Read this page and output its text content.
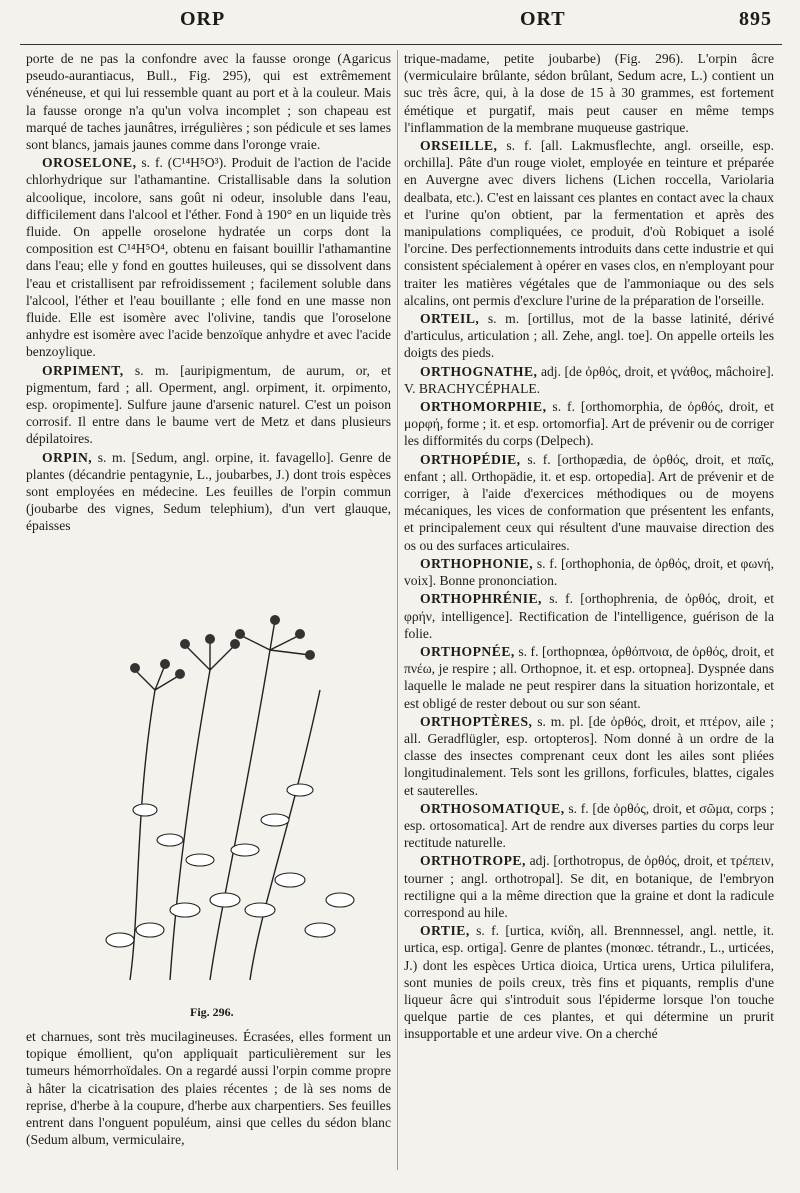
ORP	ORT	895

porte de ne pas la confondre avec la fausse oronge (Agaricus pseudo-aurantiacus, Bull., Fig. 295), qui est extrêmement vénéneuse, et qui lui ressemble quant au port et à la couleur. Mais la fausse oronge n'a qu'un volva incomplet ; son chapeau est marqué de taches jaunâtres, irrégulières ; son pédicule et ses lames sont blancs, jamais jaunes comme dans l'oronge vraie.

OROSELONE, s. f. (C¹⁴H⁵O³). Produit de l'action de l'acide chlorhydrique sur l'athamantine. Cristallisable dans la solution alcoolique, incolore, sans goût ni odeur, insoluble dans l'eau, difficilement dans l'alcool et l'éther. Fond à 190° en un liquide très fluide. On appelle oroselone hydratée un corps dont la composition est C¹⁴H⁵O⁴, obtenu en faisant bouillir l'athamantine dans l'eau; elle y fond en gouttes huileuses, qui se dissolvent dans l'eau et cristallisent par refroidissement ; facilement soluble dans l'alcool, l'éther et l'eau bouillante ; elle fond en une masse non fluide. Elle est isomère avec l'olivine, tandis que l'oroselone anhydre est isomère avec l'acide benzoïque anhydre et avec l'acide benzoylique.

ORPIMENT, s. m. [auripigmentum, de aurum, or, et pigmentum, fard ; all. Operment, angl. orpiment, it. orpimento, esp. oropimente]. Sulfure jaune d'arsenic naturel. C'est un poison corrosif. Il entre dans le baume vert de Metz et dans plusieurs dépilatoires.

ORPIN, s. m. [Sedum, angl. orpine, it. favagello]. Genre de plantes (décandrie pentagynie, L., joubarbes, J.) dont trois espèces sont employées en médecine. Les feuilles de l'orpin commun (joubarbe des vignes, Sedum telephium), d'un vert glauque, épaisses

Fig. 296.

et charnues, sont très mucilagineuses. Écrasées, elles forment un topique émollient, qu'on appliquait particulièrement sur les tumeurs hémorrhoïdales. On a regardé aussi l'orpin comme propre à hâter la cicatrisation des plaies récentes ; de là ses noms de reprise, d'herbe à la coupure, d'herbe aux charpentiers. Ses feuilles entrent dans l'onguent populéum, ainsi que celles du sédon blanc (Sedum album, vermiculaire,

trique-madame, petite joubarbe) (Fig. 296). L'orpin âcre (vermiculaire brûlante, sédon brûlant, Sedum acre, L.) contient un suc très âcre, qui, à la dose de 15 à 30 grammes, est fortement émétique et purgatif, mais peut causer en même temps l'inflammation de la membrane muqueuse gastrique.

ORSEILLE, s. f. [all. Lakmusflechte, angl. orseille, esp. orchilla]. Pâte d'un rouge violet, employée en teinture et préparée en Auvergne avec divers lichens (Lichen roccella, Variolaria dealbata, etc.). C'est en laissant ces plantes en contact avec la chaux et l'urine qu'on obtient, par la fermentation et après des manipulations compliquées, ce produit, d'où Robiquet a isolé l'orcine. Des perfectionnements introduits dans cette industrie et qui consistent spécialement à opérer en vases clos, en n'employant pour traiter les matières végétales que de l'ammoniaque ou des sels alcalins, ont permis d'exclure l'urine de la préparation de l'orseille.

ORTEIL, s. m. [ortillus, mot de la basse latinité, dérivé d'articulus, articulation ; all. Zehe, angl. toe]. On appelle orteils les doigts des pieds.

ORTHOGNATHE, adj. [de ὀρθός, droit, et γνάθος, mâchoire]. V. BRACHYCÉPHALE.

ORTHOMORPHIE, s. f. [orthomorphia, de ὀρθός, droit, et μορφή, forme ; it. et esp. ortomorfia]. Art de prévenir ou de corriger les difformités du corps (Delpech).

ORTHOPÉDIE, s. f. [orthopædia, de ὀρθός, droit, et παῖς, enfant ; all. Orthopädie, it. et esp. ortopedia]. Art de prévenir et de corriger, à l'aide d'exercices méthodiques ou de moyens mécaniques, les vices de conformation que présentent les enfants, et principalement ceux qui résultent d'une mauvaise direction des os ou des surfaces articulaires.

ORTHOPHONIE, s. f. [orthophonia, de ὀρθός, droit, et φωνή, voix]. Bonne prononciation.

ORTHOPHRÉNIE, s. f. [orthophrenia, de ὀρθός, droit, et φρήν, intelligence]. Rectification de l'intelligence, guérison de la folie.

ORTHOPNÉE, s. f. [orthopnœa, ὀρθόπνοια, de ὀρθός, droit, et πνέω, je respire ; all. Orthopnoe, it. et esp. ortopnea]. Dyspnée dans laquelle le malade ne peut respirer dans la situation horizontale, et est obligé de rester debout ou sur son séant.

ORTHOPTÈRES, s. m. pl. [de ὀρθός, droit, et πτέρον, aile ; all. Geradflügler, esp. ortopteros]. Nom donné à un ordre de la classe des insectes comprenant ceux dont les ailes sont pliées longitudinalement. Tels sont les grillons, forficules, blattes, cigales et sauterelles.

ORTHOSOMATIQUE, s. f. [de ὀρθός, droit, et σῶμα, corps ; esp. ortosomatica]. Art de rendre aux diverses parties du corps leur rectitude naturelle.

ORTHOTROPE, adj. [orthotropus, de ὀρθός, droit, et τρέπειν, tourner ; angl. orthotropal]. Se dit, en botanique, de l'embryon rectiligne qui a la même direction que la graine et dont la radicule correspond au hile.

ORTIE, s. f. [urtica, κνίδη, all. Brennnessel, angl. nettle, it. urtica, esp. ortiga]. Genre de plantes (monœc. tétrandr., L., urticées, J.) dont les espèces Urtica dioica, Urtica urens, Urtica pilulifera, sont munies de poils creux, très fins et piquants, remplis d'une liqueur âcre qui s'introduit sous l'épiderme lorsque l'on touche quelque partie de ces plantes, et qui détermine un prurit insupportable et une ardeur vive. On a cherché
